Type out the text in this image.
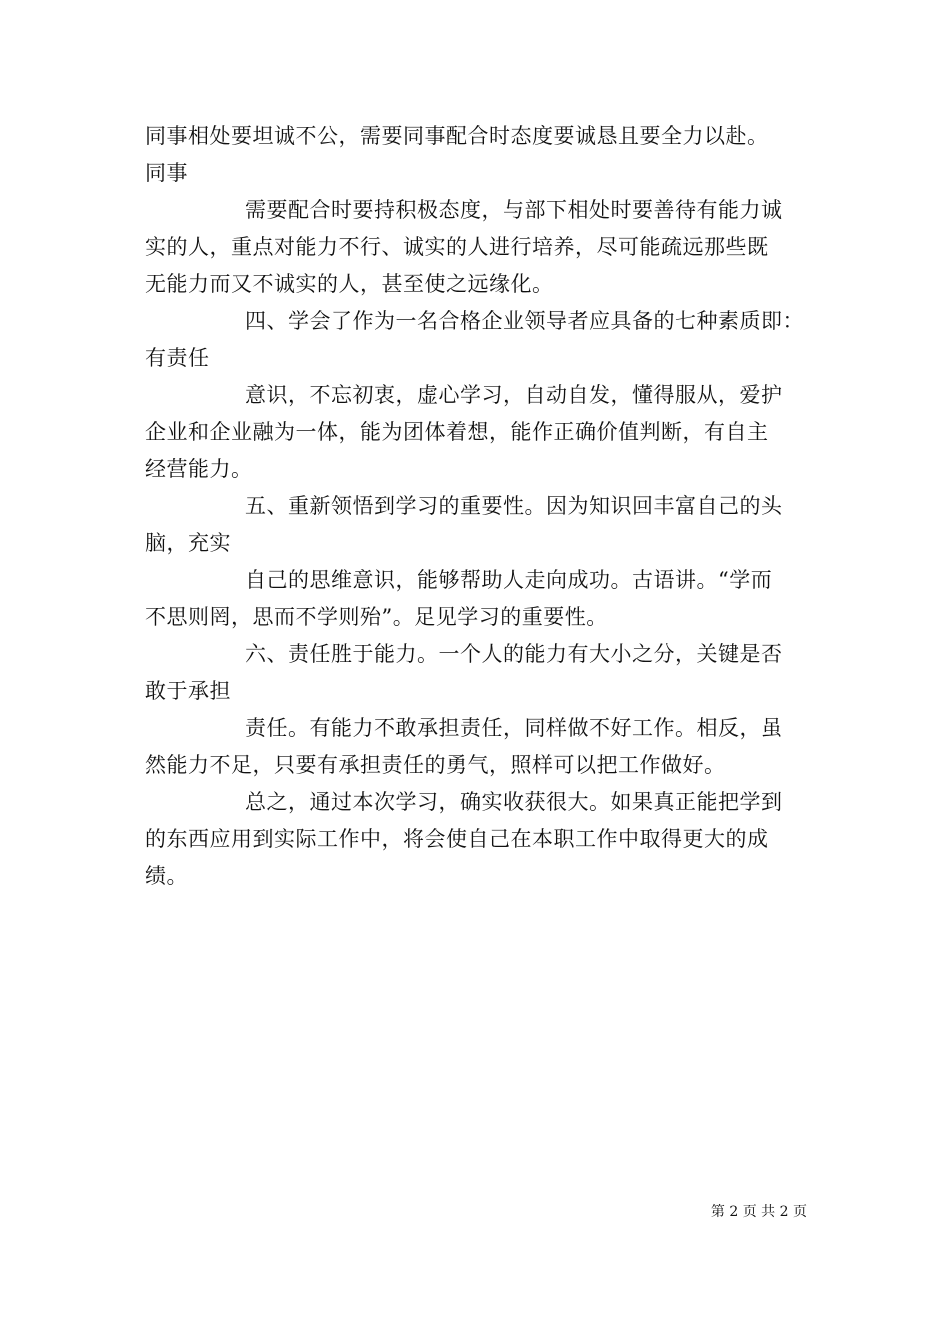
同事相处要坦诚不公，需要同事配合时态度要诚恳且要全力以赴。
同事
需要配合时要持积极态度，与部下相处时要善待有能力诚
实的人，重点对能力不行、诚实的人进行培养，尽可能疏远那些既
无能力而又不诚实的人，甚至使之远缘化。
四、学会了作为一名合格企业领导者应具备的七种素质即：
有责任
意识，不忘初衷，虚心学习，自动自发，懂得服从，爱护
企业和企业融为一体，能为团体着想，能作正确价值判断，有自主
经营能力。
五、重新领悟到学习的重要性。因为知识回丰富自己的头
脑，充实
自己的思维意识，能够帮助人走向成功。古语讲。“学而
不思则罔，思而不学则殆”。足见学习的重要性。
六、责任胜于能力。一个人的能力有大小之分，关键是否
敢于承担
责任。有能力不敢承担责任，同样做不好工作。相反，虽
然能力不足，只要有承担责任的勇气，照样可以把工作做好。
总之，通过本次学习，确实收获很大。如果真正能把学到
的东西应用到实际工作中，将会使自己在本职工作中取得更大的成
绩。
第 2 页 共 2 页
